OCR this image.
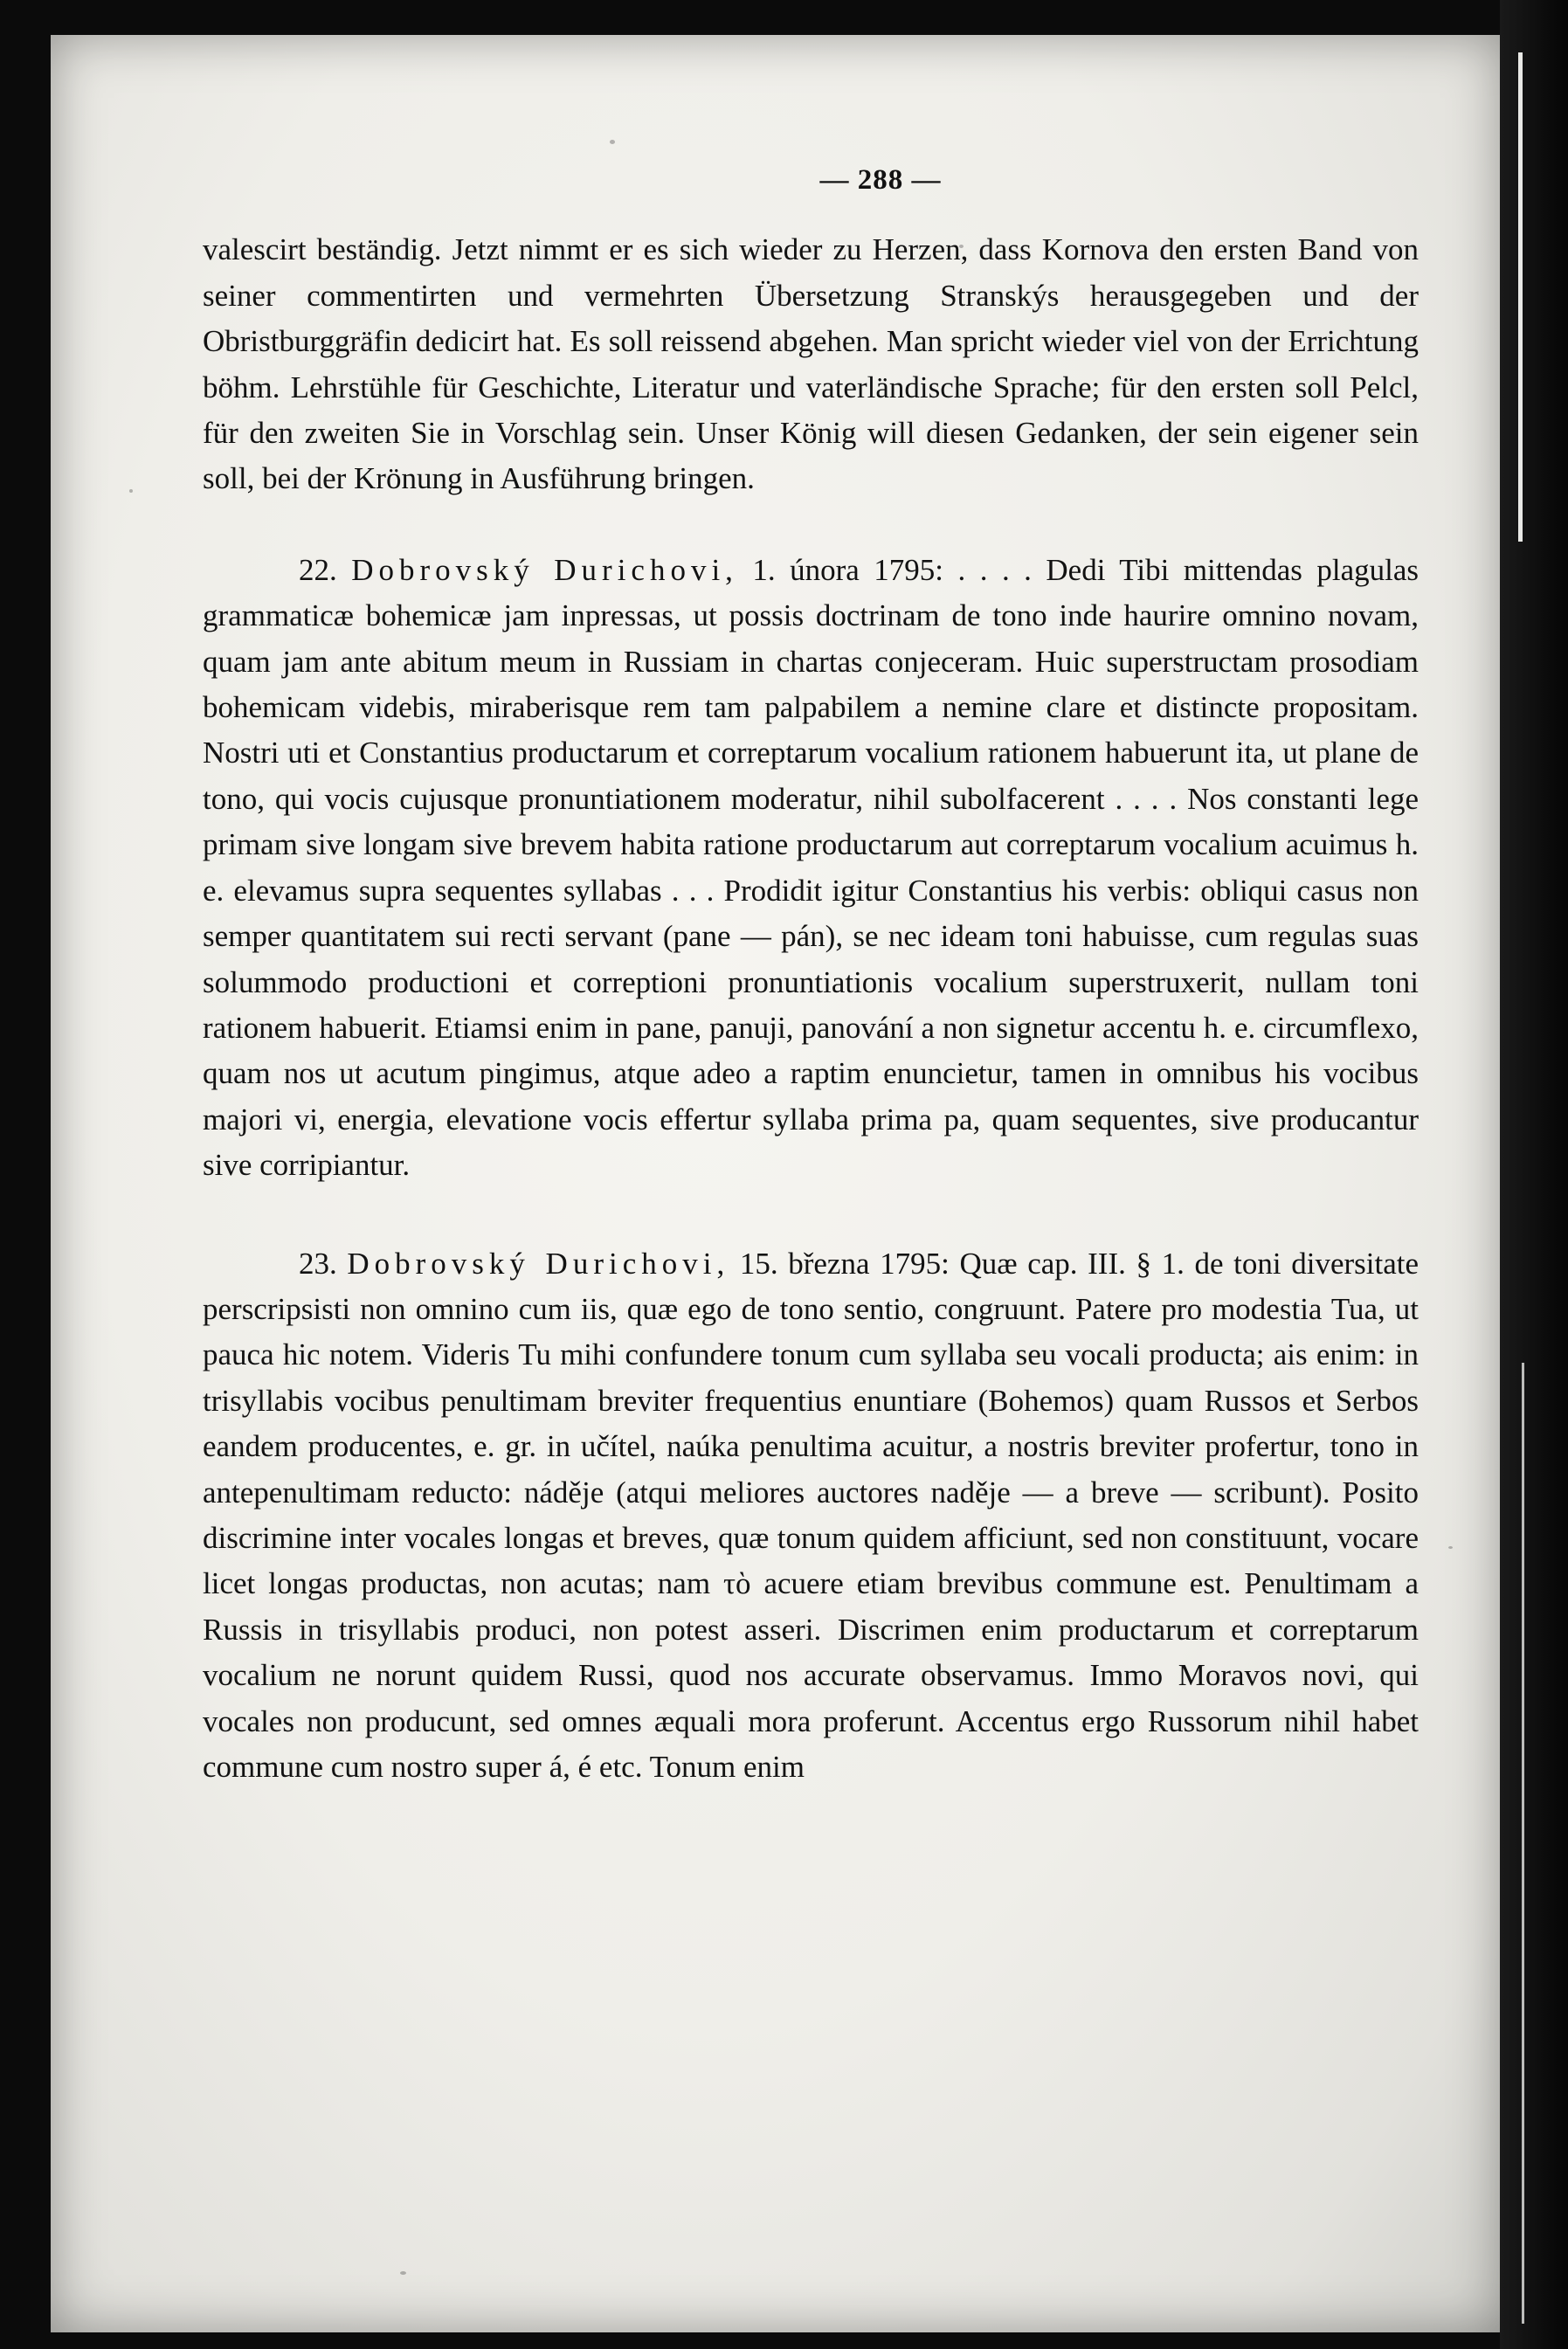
— 288 —

valescirt beständig. Jetzt nimmt er es sich wieder zu Herzen, dass Kornova den ersten Band von seiner commentirten und vermehrten Übersetzung Stranskýs herausgegeben und der Obristburggräfin dedicirt hat. Es soll reissend abgehen. Man spricht wieder viel von der Errichtung böhm. Lehrstühle für Geschichte, Literatur und vaterländische Sprache; für den ersten soll Pelcl, für den zweiten Sie in Vorschlag sein. Unser König will diesen Gedanken, der sein eigener sein soll, bei der Krönung in Ausführung bringen.

22. Dobrovský Durichovi, 1. února 1795: . . . . Dedi Tibi mittendas plagulas grammaticæ bohemicæ jam inpressas, ut possis doctrinam de tono inde haurire omnino novam, quam jam ante abitum meum in Russiam in chartas conjeceram. Huic superstructam prosodiam bohemicam videbis, miraberisque rem tam palpabilem a nemine clare et distincte propositam. Nostri uti et Constantius productarum et correptarum vocalium rationem habuerunt ita, ut plane de tono, qui vocis cujusque pronuntiationem moderatur, nihil subolfacerent . . . . Nos constanti lege primam sive longam sive brevem habita ratione productarum aut correptarum vocalium acuimus h. e. elevamus supra sequentes syllabas . . . Prodidit igitur Constantius his verbis: obliqui casus non semper quantitatem sui recti servant (pane — pán), se nec ideam toni habuisse, cum regulas suas solummodo productioni et correptioni pronuntiationis vocalium superstruxerit, nullam toni rationem habuerit. Etiamsi enim in pane, panuji, panování a non signetur accentu h. e. circumflexo, quam nos ut acutum pingimus, atque adeo a raptim enuncietur, tamen in omnibus his vocibus majori vi, energia, elevatione vocis effertur syllaba prima pa, quam sequentes, sive producantur sive corripiantur.

23. Dobrovský Durichovi, 15. března 1795: Quæ cap. III. § 1. de toni diversitate perscripsisti non omnino cum iis, quæ ego de tono sentio, congruunt. Patere pro modestia Tua, ut pauca hic notem. Videris Tu mihi confundere tonum cum syllaba seu vocali producta; ais enim: in trisyllabis vocibus penultimam breviter frequentius enuntiare (Bohemos) quam Russos et Serbos eandem producentes, e. gr. in učítel, naúka penultima acuitur, a nostris breviter profertur, tono in antepenultimam reducto: náděje (atqui meliores auctores naděje — a breve — scribunt). Posito discrimine inter vocales longas et breves, quæ tonum quidem afficiunt, sed non constituunt, vocare licet longas productas, non acutas; nam τὸ acuere etiam brevibus commune est. Penultimam a Russis in trisyllabis produci, non potest asseri. Discrimen enim productarum et correptarum vocalium ne norunt quidem Russi, quod nos accurate observamus. Immo Moravos novi, qui vocales non producunt, sed omnes æquali mora proferunt. Accentus ergo Russorum nihil habet commune cum nostro super á, é etc. Tonum enim
